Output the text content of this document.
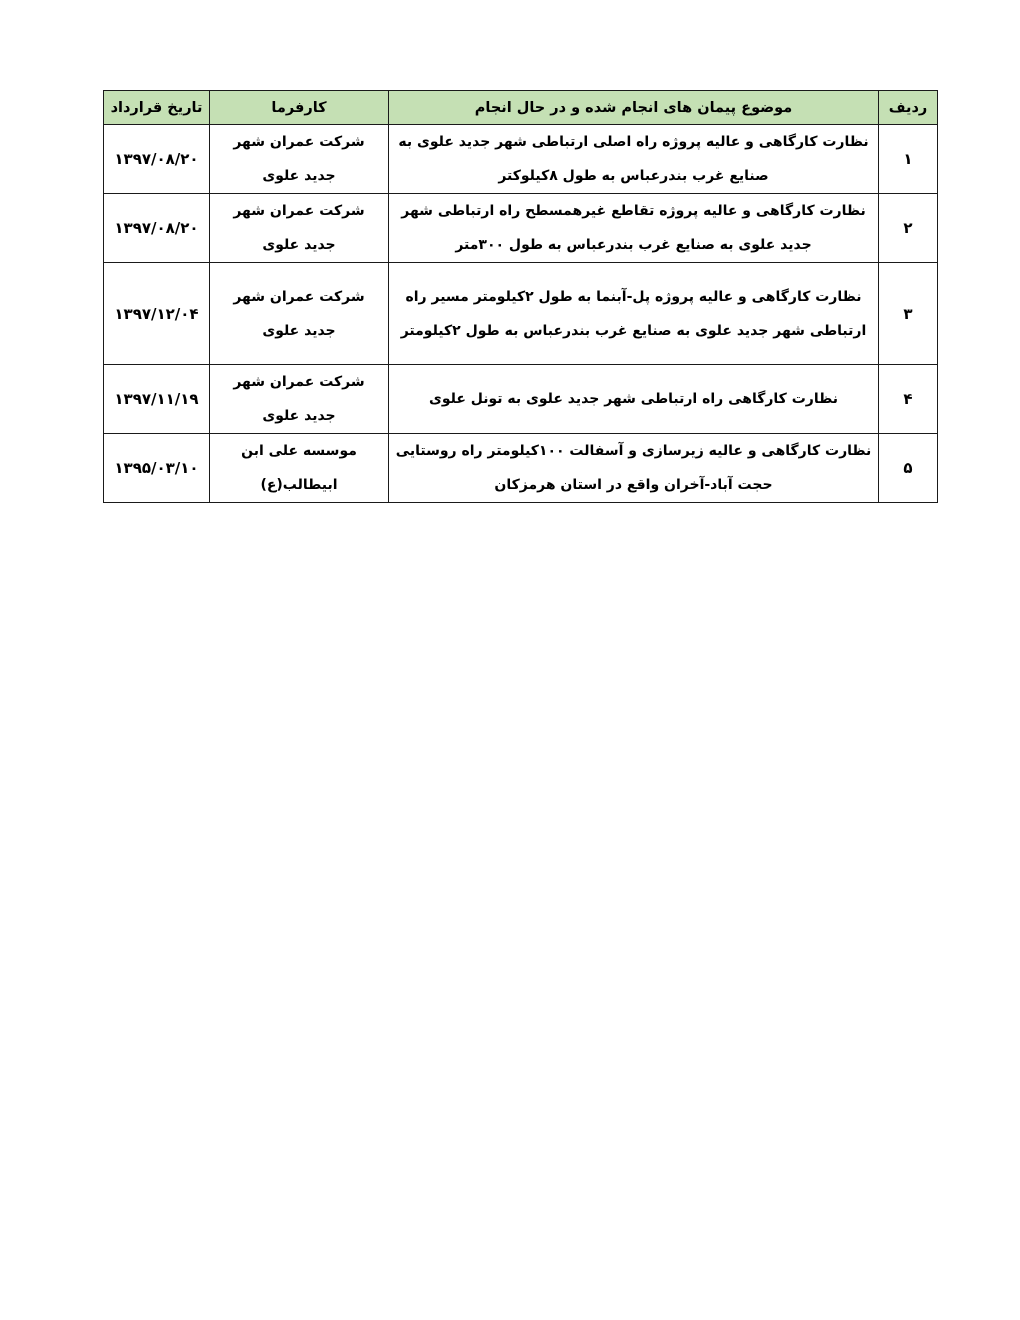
ردیف	موضوع پیمان های انجام شده و در حال انجام	کارفرما	تاریخ قرارداد
۱	نظارت کارگاهی و عالیه پروژه راه اصلی ارتباطی شهر جدید علوی به
صنایع غرب بندرعباس به طول ۸کیلوکتر	شرکت عمران شهر
جدید علوی	۱۳۹۷/۰۸/۲۰
۲	نظارت کارگاهی و عالیه پروژه تقاطع غیرهمسطح راه ارتباطی شهر
جدید علوی به صنایع غرب بندرعباس به طول ۳۰۰متر	شرکت عمران شهر
جدید علوی	۱۳۹۷/۰۸/۲۰
۳	نظارت کارگاهی و عالیه پروژه پل-آبنما به طول ۲کیلومتر مسیر راه
ارتباطی شهر جدید علوی به صنایع غرب بندرعباس به طول ۲کیلومتر	شرکت عمران شهر
جدید علوی	۱۳۹۷/۱۲/۰۴
۴	نظارت کارگاهی راه ارتباطی شهر جدید علوی به تونل علوی	شرکت عمران شهر
جدید علوی	۱۳۹۷/۱۱/۱۹
۵	نظارت کارگاهی و عالیه زیرسازی و آسفالت ۱۰۰کیلومتر راه روستایی
حجت آباد-آخران واقع در استان هرمزکان	موسسه علی ابن
ابیطالب(ع)	۱۳۹۵/۰۳/۱۰
